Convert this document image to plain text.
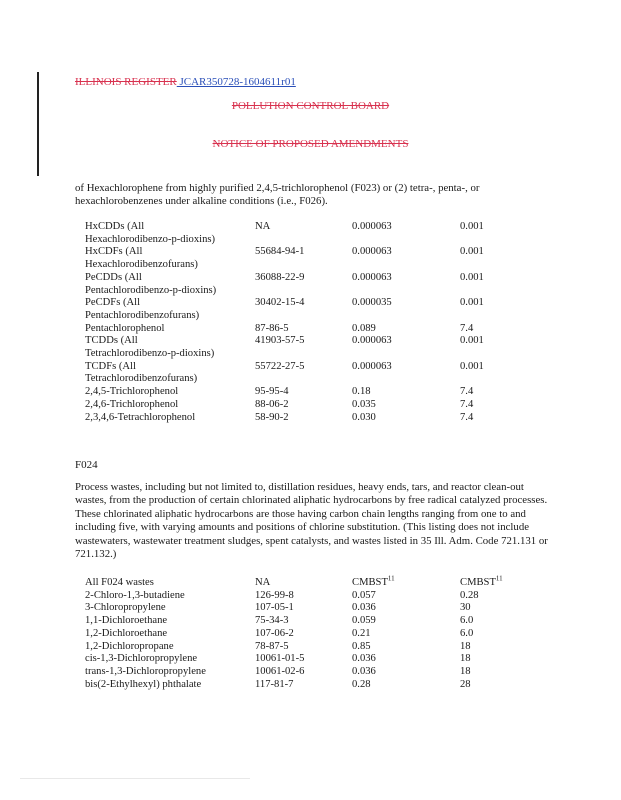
ILLINOIS REGISTER JCAR350728-1604611r01
POLLUTION CONTROL BOARD
NOTICE OF PROPOSED AMENDMENTS
of Hexachlorophene from highly purified 2,4,5-trichlorophenol (F023) or (2) tetra-, penta-, or hexachlorobenzenes under alkaline conditions (i.e., F026).
HxCDDs (All
Hexachlorodibenzo-p-dioxins)	NA	0.000063	0.001

HxCDFs (All
Hexachlorodibenzofurans)	55684-94-1	0.000063	0.001

PeCDDs (All
Pentachlorodibenzo-p-dioxins)	36088-22-9	0.000063	0.001

PeCDFs (All
Pentachlorodibenzofurans)	30402-15-4	0.000035	0.001

Pentachlorophenol	87-86-5	0.089	7.4

TCDDs (All
Tetrachlorodibenzo-p-dioxins)	41903-57-5	0.000063	0.001

TCDFs (All
Tetrachlorodibenzofurans)	55722-27-5	0.000063	0.001

2,4,5-Trichlorophenol	95-95-4	0.18	7.4

2,4,6-Trichlorophenol	88-06-2	0.035	7.4

2,3,4,6-Tetrachlorophenol	58-90-2	0.030	7.4
F024
Process wastes, including but not limited to, distillation residues, heavy ends, tars, and reactor clean-out wastes, from the production of certain chlorinated aliphatic hydrocarbons by free radical catalyzed processes. These chlorinated aliphatic hydrocarbons are those having carbon chain lengths ranging from one to and including five, with varying amounts and positions of chlorine substitution. (This listing does not include wastewaters, wastewater treatment sludges, spent catalysts, and wastes listed in 35 Ill. Adm. Code 721.131 or 721.132.)
All F024 wastes	NA	CMBST$^{11}$	CMBST$^{11}$
2-Chloro-1,3-butadiene	126-99-8	0.057	0.28
3-Chloropropylene	107-05-1	0.036	30
1,1-Dichloroethane	75-34-3	0.059	6.0
1,2-Dichloroethane	107-06-2	0.21	6.0
1,2-Dichloropropane	78-87-5	0.85	18
cis-1,3-Dichloropropylene	10061-01-5	0.036	18
trans-1,3-Dichloropropylene	10061-02-6	0.036	18
bis(2-Ethylhexyl) phthalate	117-81-7	0.28	28
